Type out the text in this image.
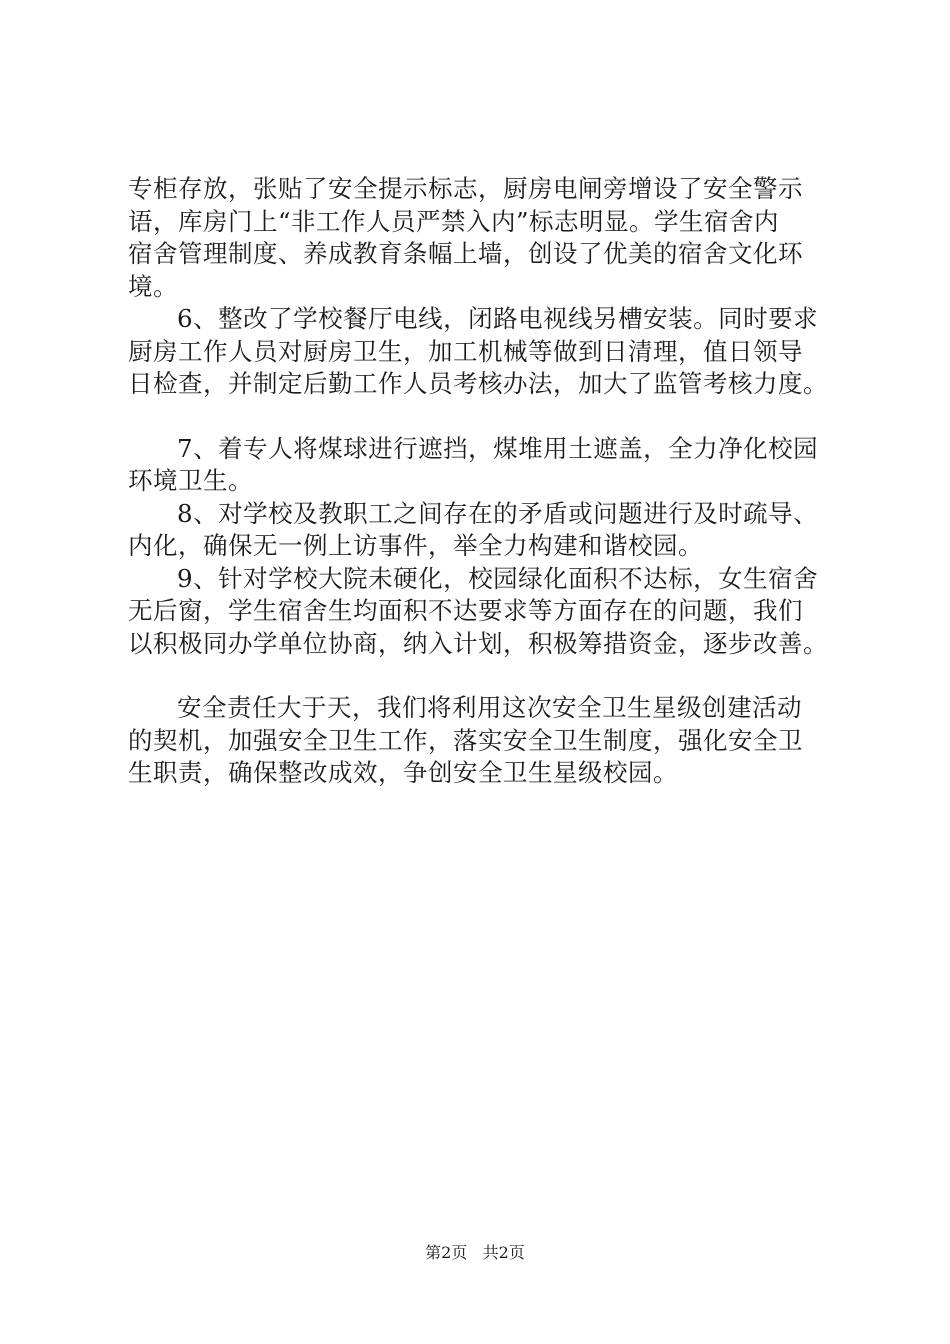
专柜存放，张贴了安全提示标志，厨房电闸旁增设了安全警示
语，库房门上“非工作人员严禁入内”标志明显。学生宿舍内
宿舍管理制度、养成教育条幅上墙，创设了优美的宿舍文化环
境。
6、整改了学校餐厅电线，闭路电视线另槽安装。同时要求
厨房工作人员对厨房卫生，加工机械等做到日清理，值日领导
日检查，并制定后勤工作人员考核办法，加大了监管考核力度。
7、着专人将煤球进行遮挡，煤堆用土遮盖，全力净化校园
环境卫生。
8、对学校及教职工之间存在的矛盾或问题进行及时疏导、
内化，确保无一例上访事件，举全力构建和谐校园。
9、针对学校大院未硬化，校园绿化面积不达标，女生宿舍
无后窗，学生宿舍生均面积不达要求等方面存在的问题，我们
以积极同办学单位协商，纳入计划，积极筹措资金，逐步改善。
安全责任大于天，我们将利用这次安全卫生星级创建活动
的契机，加强安全卫生工作，落实安全卫生制度，强化安全卫
生职责，确保整改成效，争创安全卫生星级校园。
第2页 共2页
